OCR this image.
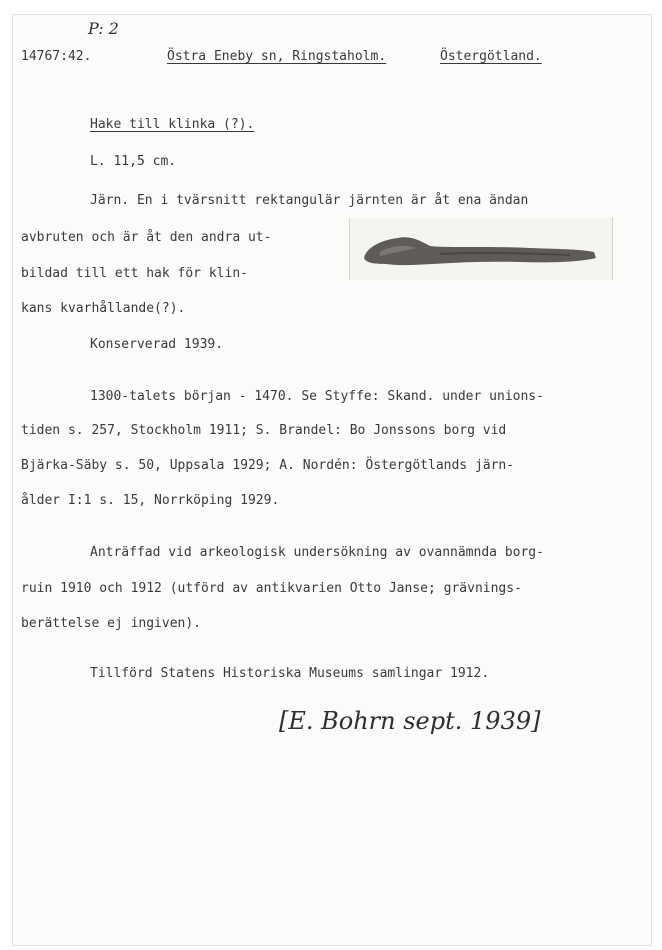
P: 2
14767:42.	Östra Eneby sn, Ringstaholm.	Östergötland.
Hake till klinka (?).
L. 11,5 cm.
Järn. En i tvärsnitt rektangulär järnten är åt ena ändan
avbruten och är åt den andra ut-
bildad till ett hak för klin-
kans kvarhållande(?).
Konserverad 1939.
1300-talets början - 1470. Se Styffe: Skand. under unions-
tiden s. 257, Stockholm 1911; S. Brandel: Bo Jonssons borg vid
Bjärka-Säby s. 50, Uppsala 1929; A. Nordén: Östergötlands järn-
ålder I:1 s. 15, Norrköping 1929.
Anträffad vid arkeologisk undersökning av ovannämnda borg-
ruin 1910 och 1912 (utförd av antikvarien Otto Janse; grävnings-
berättelse ej ingiven).
Tillförd Statens Historiska Museums samlingar 1912.
[E. Bohrn sept. 1939]
